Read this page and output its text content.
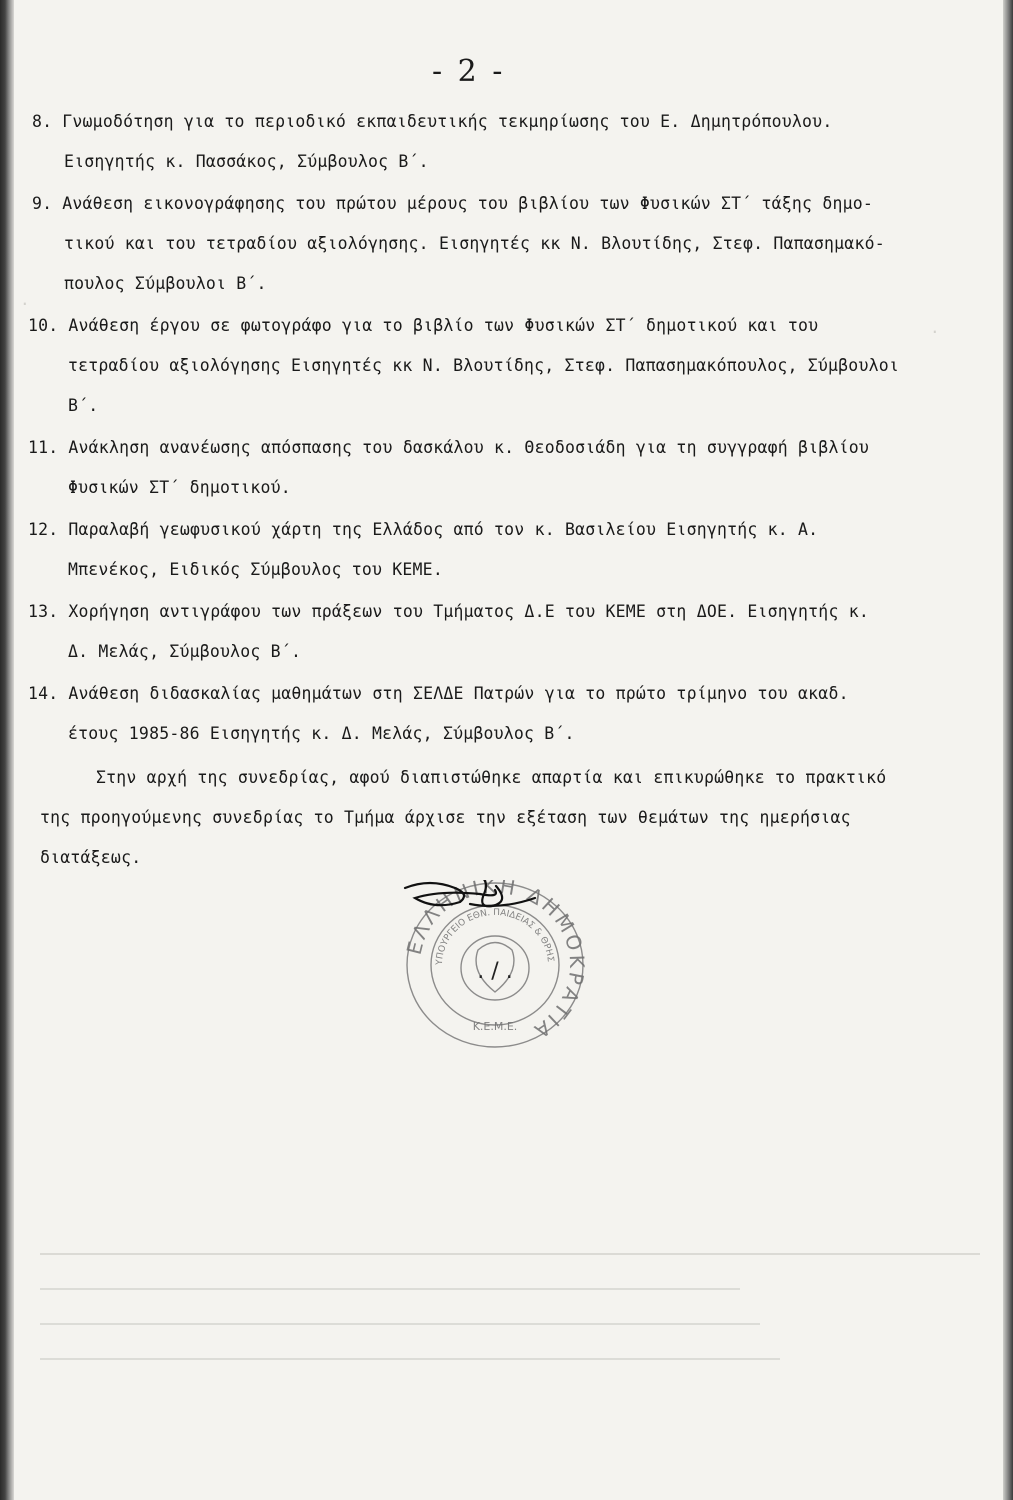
.
.
- 2 -
8. Γνωμοδότηση για το περιοδικό εκπαιδευτικής τεκμηρίωσης του Ε. Δημητρόπουλου.
Εισηγητής κ. Πασσάκος, Σύμβουλος Β΄.
9. Ανάθεση εικονογράφησης του πρώτου μέρους του βιβλίου των Φυσικών ΣΤ΄ τάξης δημο-
τικού και του τετραδίου αξιολόγησης. Εισηγητές κκ Ν. Βλουτίδης, Στεφ. Παπασημακό-
πουλος Σύμβουλοι Β΄.
10. Ανάθεση έργου σε φωτογράφο για το βιβλίο των Φυσικών ΣΤ΄ δημοτικού και του
τετραδίου αξιολόγησης Εισηγητές κκ Ν. Βλουτίδης, Στεφ. Παπασημακόπουλος, Σύμβουλοι
Β΄.
11. Ανάκληση ανανέωσης απόσπασης του δασκάλου κ. Θεοδοσιάδη για τη συγγραφή βιβλίου
Φυσικών ΣΤ΄ δημοτικού.
12. Παραλαβή γεωφυσικού χάρτη της Ελλάδος από τον κ. Βασιλείου Εισηγητής κ. Α.
Μπενέκος, Ειδικός Σύμβουλος του ΚΕΜΕ.
13. Χορήγηση αντιγράφου των πράξεων του Τμήματος Δ.Ε του ΚΕΜΕ στη ΔΟΕ. Εισηγητής κ.
Δ. Μελάς, Σύμβουλος Β΄.
14. Ανάθεση διδασκαλίας μαθημάτων στη ΣΕΛΔΕ Πατρών για το πρώτο τρίμηνο του ακαδ.
έτους 1985-86 Εισηγητής κ. Δ. Μελάς, Σύμβουλος Β΄.
Στην αρχή της συνεδρίας, αφού διαπιστώθηκε απαρτία και επικυρώθηκε το πρακτικό
της προηγούμενης συνεδρίας το Τμήμα άρχισε την εξέταση των θεμάτων της ημερήσιας
διατάξεως.
ΕΛΛΗΝΙΚΗ ΔΗΜΟΚΡΑΤΙΑ
ΥΠΟΥΡΓΕΙΟ ΕΘΝ. ΠΑΙΔΕΙΑΣ & ΘΡΗΣ
Κ.Ε.Μ.Ε.
. / .
